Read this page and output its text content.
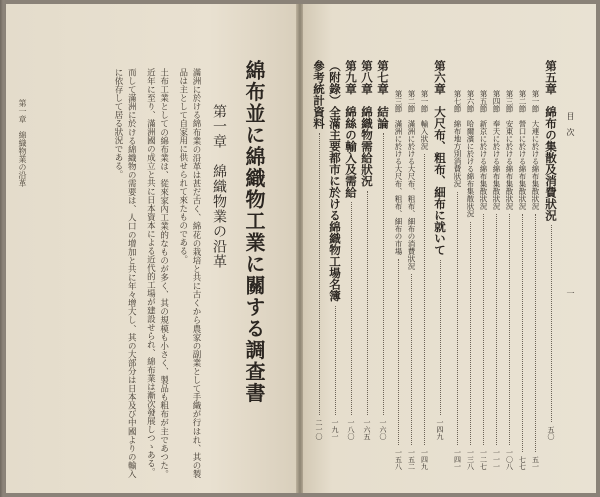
綿布並に綿織物工業に關する調查書
第一章　綿織物業の沿革

滿洲に於ける綿布業の沿革は甚だ古く、綿花の栽培と共に古くから農家の副業として手織が行はれ、其の製品は主として自家用に供せられて來たものである。

土布工業としての綿布業は、從來家內工業的なものが多く、其の規模も小さく、製品も粗布が主であつた。近年に至り、滿洲國の成立と共に日本資本による近代的工場が建設せられ、綿布業は漸次發展しつゝある。

而して滿洲に於ける綿織物の需要は、人口の增加と共に年々增大し、其の大部分は日本及び中國よりの輸入に依存して居る狀況である。

第一章　綿織物業の沿革	目　次
一
第五章　綿布の集散及消費狀況
五〇
第一節　大連に於ける綿布集散狀況
五一
第二節　營口に於ける綿布集散狀況
七七
第三節　安東に於ける綿布集散狀況
一〇八
第四節　奉天に於ける綿布集散狀況
一一一
第五節　新京に於ける綿布集散狀況
一二七
第六節　哈爾濱に於ける綿布集散狀況
一三八
第七節　綿布地方別消費狀況
一四一
第六章　大尺布、粗布、細布に就いて
一四九
第一節　輸入狀況
一四九
第二節　滿洲に於ける大尺布、粗布、細布の消費狀況
一五二
第三節　滿洲に於ける大尺布、粗布、細布の市場
一五八
第七章　結論
一六〇
第八章　綿織物需給狀況
一六五
第九章　綿絲の輸入及需給
一八〇
（附錄）全滿主要都市に於ける綿織物工場名簿
一九一
參考統計資料
二一〇
